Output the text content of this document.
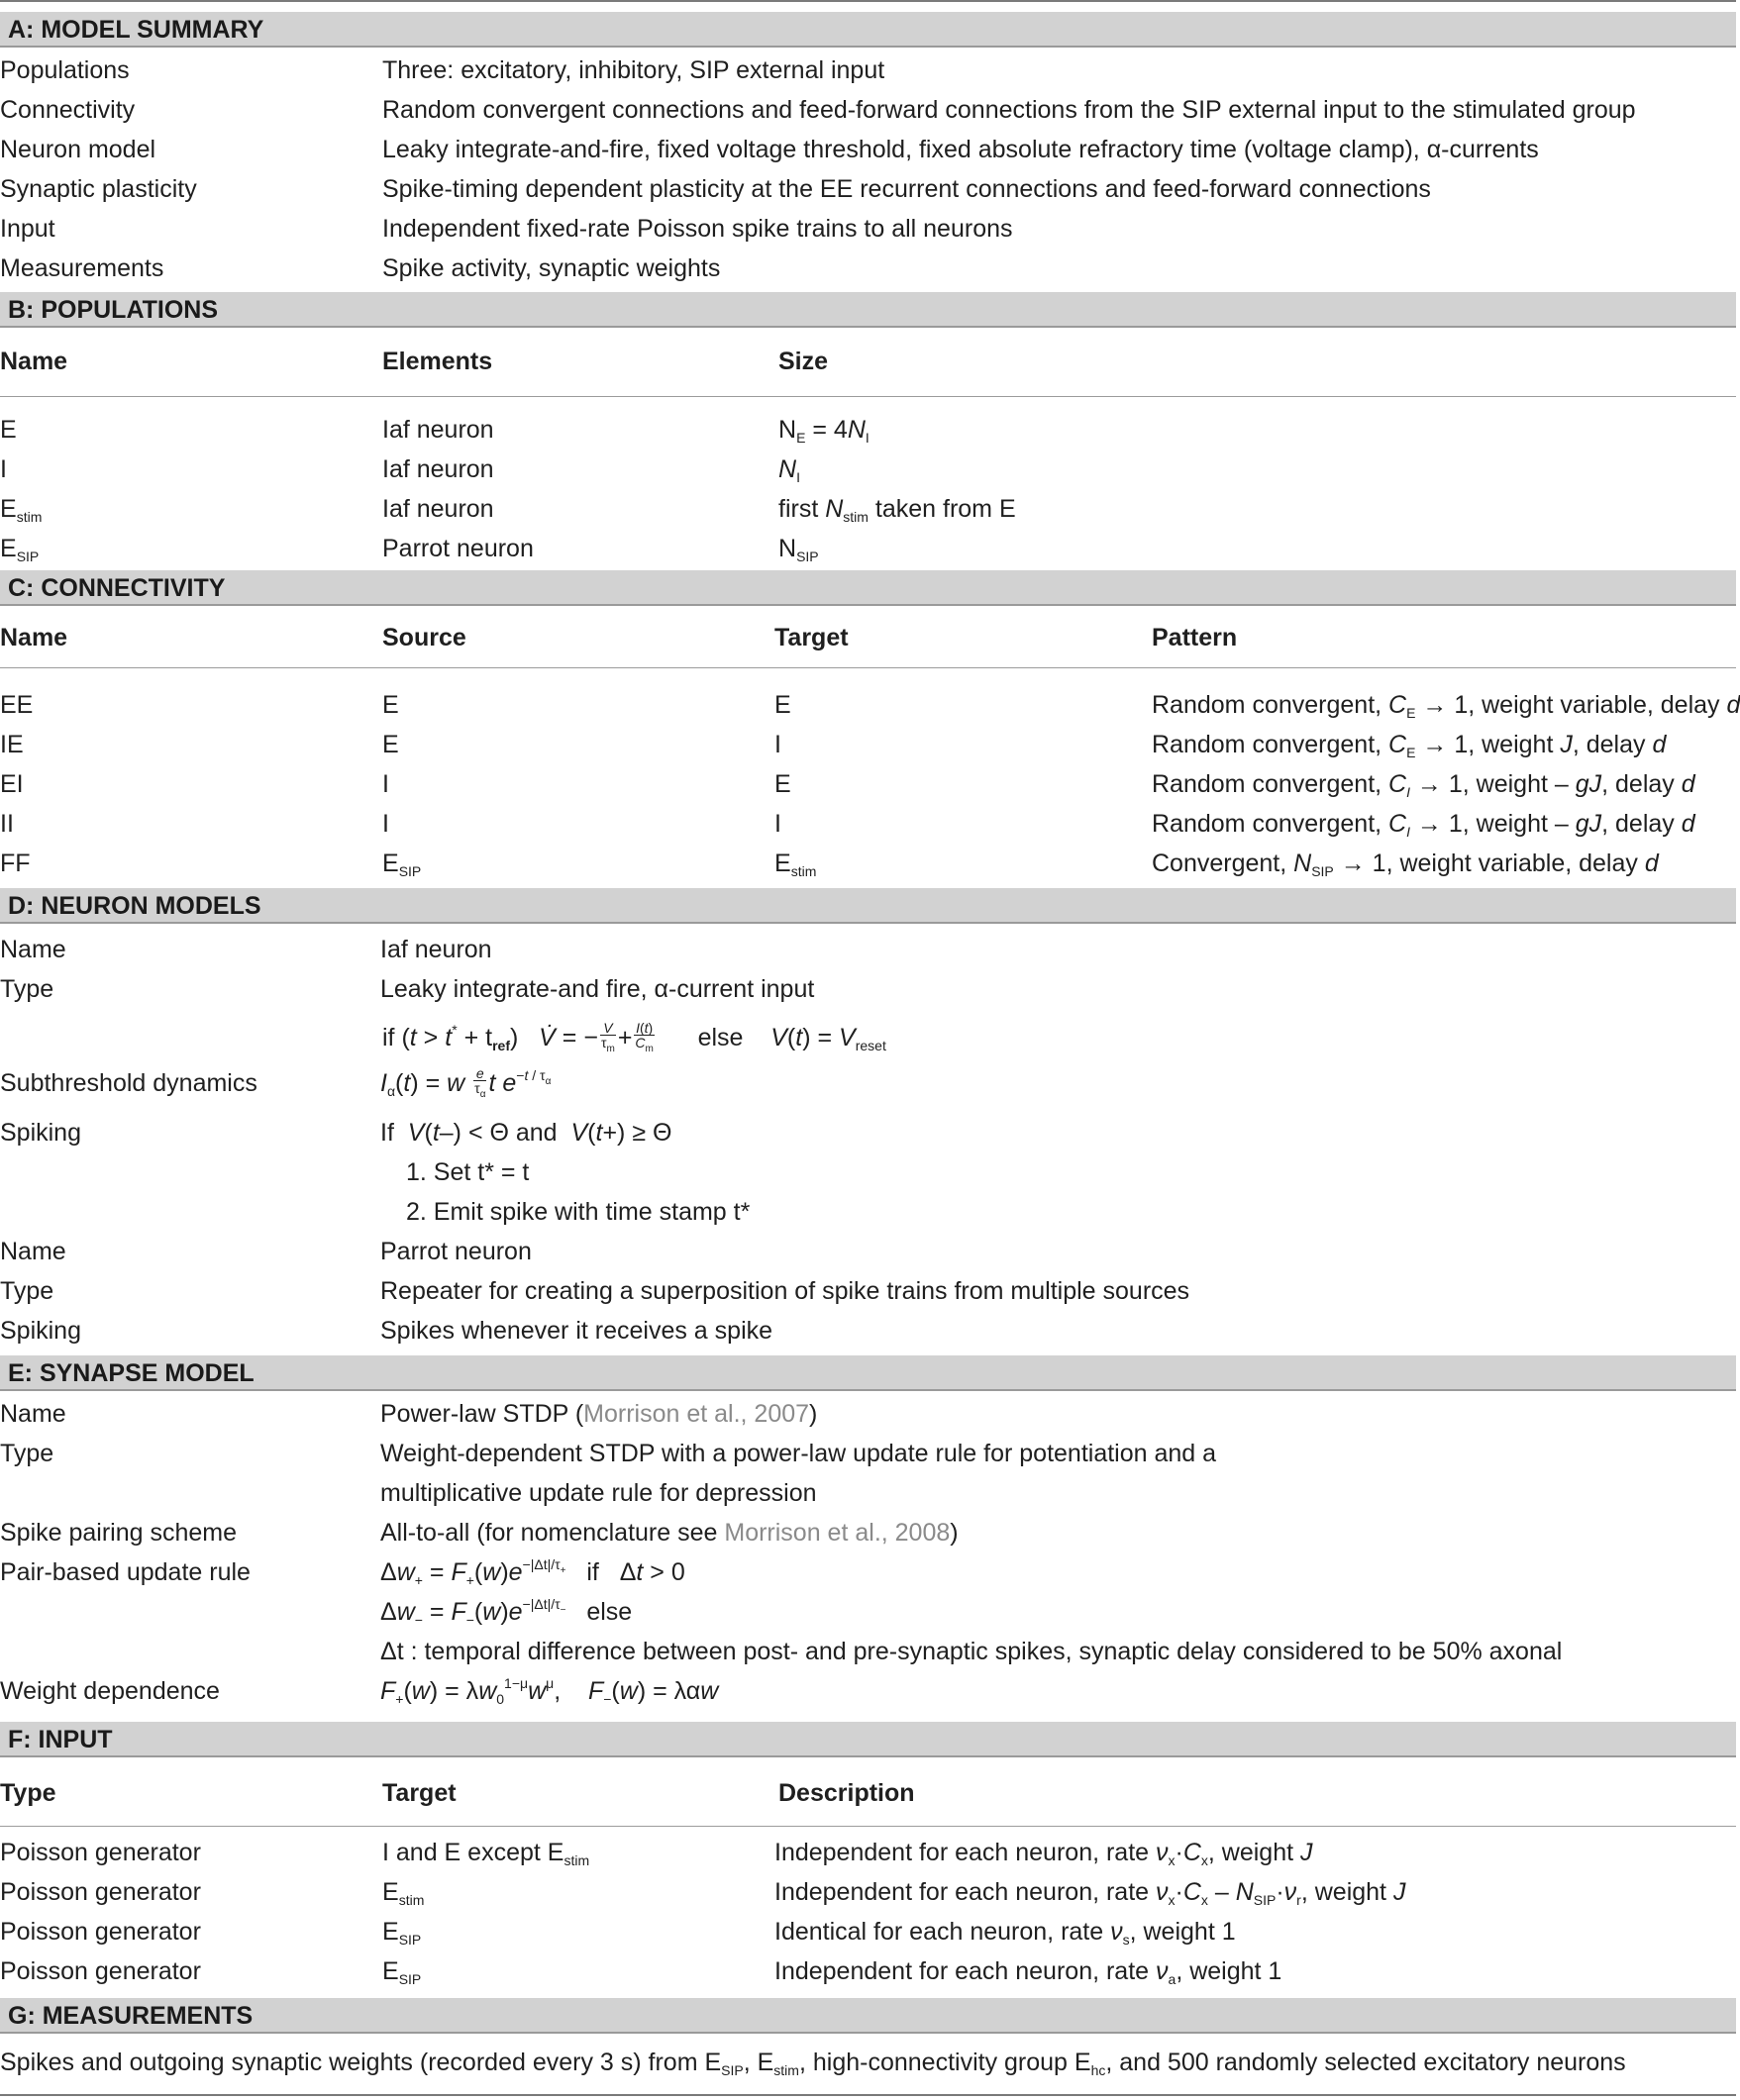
A: MODEL SUMMARY
Populations	Three: excitatory, inhibitory, SIP external input
Connectivity	Random convergent connections and feed-forward connections from the SIP external input to the stimulated group
Neuron model	Leaky integrate-and-fire, fixed voltage threshold, fixed absolute refractory time (voltage clamp), α-currents
Synaptic plasticity	Spike-timing dependent plasticity at the EE recurrent connections and feed-forward connections
Input	Independent fixed-rate Poisson spike trains to all neurons
Measurements	Spike activity, synaptic weights
B: POPULATIONS
Name	Elements	Size
E	Iaf neuron	$N_E = 4N_I$
I	Iaf neuron	$N_I$
$E_{stim}$	Iaf neuron	first $N_{stim}$ taken from E
$E_{SIP}$	Parrot neuron	$N_{SIP}$
C: CONNECTIVITY
Name	Source	Target	Pattern
EE	E	E	Random convergent, $C_E \to 1$, weight variable, delay d
IE	E	I	Random convergent, $C_E \to 1$, weight J, delay d
EI	I	E	Random convergent, $C_I \to 1$, weight – gJ, delay d
II	I	I	Random convergent, $C_I \to 1$, weight – gJ, delay d
FF	$E_{SIP}$	$E_{stim}$	Convergent, $N_{SIP} \to 1$, weight variable, delay d
D: NEURON MODELS
Name	Iaf neuron
Type	Leaky integrate-and fire, α-current input
if $(t > t^* + t_{ref})$   V̇ = − $\frac{V}{\tau_m} + \frac{I(t)}{C_m}$ else    $V(t) = V_{reset}$
Subthreshold dynamics	$I_\alpha(t) = w \frac{e}{\tau_\alpha}$ t $e^{-t / \tau_\alpha}$
Spiking	If  V(t–) < Θ and  V(t+) ≥ Θ
1. Set t* = t
2. Emit spike with time stamp t*
Name	Parrot neuron
Type	Repeater for creating a superposition of spike trains from multiple sources
Spiking	Spikes whenever it receives a spike
E: SYNAPSE MODEL
Name	Power-law STDP (Morrison et al., 2007)
Type	Weight-dependent STDP with a power-law update rule for potentiation and a
multiplicative update rule for depression
Spike pairing scheme	All-to-all (for nomenclature see Morrison et al., 2008)
Pair-based update rule	$\Delta w_+ = F_+(w)e^{-|\Delta t|/\tau_+}$   if   Δt > 0
$\Delta w_- = F_-(w)e^{-|\Delta t|/\tau_-}$   else
Δt : temporal difference between post- and pre-synaptic spikes, synaptic delay considered to be 50% axonal
Weight dependence	$F_+(w) = \lambda w_0^{1-\mu}w^\mu$,    $F_-(w) = \lambda\alpha w$
F: INPUT
Type	Target	Description
Poisson generator	I and E except $E_{stim}$	Independent for each neuron, rate $\nu_x\cdot C_x$, weight J
Poisson generator	$E_{stim}$	Independent for each neuron, rate $\nu_x\cdot C_x - N_{SIP}\cdot\nu_r$, weight J
Poisson generator	$E_{SIP}$	Identical for each neuron, rate $\nu_s$, weight 1
Poisson generator	$E_{SIP}$	Independent for each neuron, rate $\nu_a$, weight 1
G: MEASUREMENTS
Spikes and outgoing synaptic weights (recorded every 3 s) from $E_{SIP}$, $E_{stim}$, high-connectivity group $E_{hc}$, and 500 randomly selected excitatory neurons
